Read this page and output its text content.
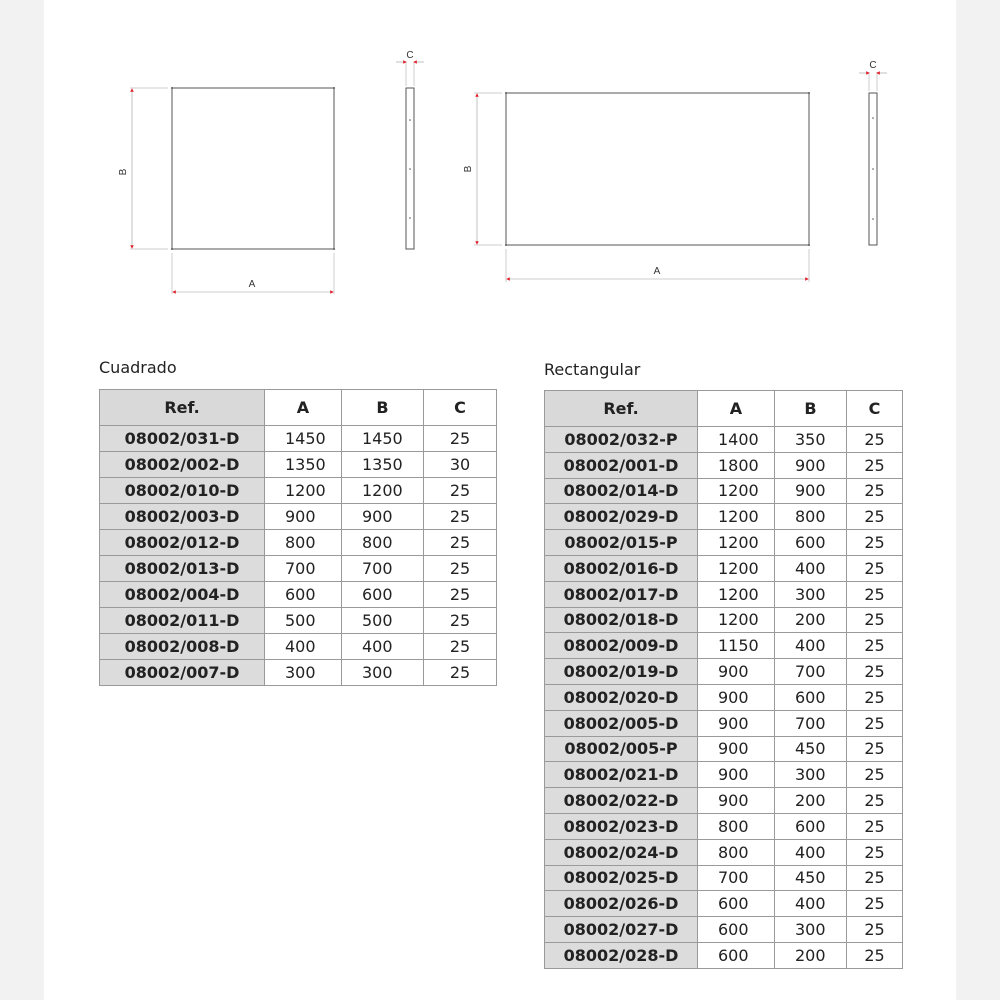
B
A
C
B
A
C
Cuadrado
Ref.	A	B	C
08002/031-D	1450	1450	25
08002/002-D	1350	1350	30
08002/010-D	1200	1200	25
08002/003-D	900	900	25
08002/012-D	800	800	25
08002/013-D	700	700	25
08002/004-D	600	600	25
08002/011-D	500	500	25
08002/008-D	400	400	25
08002/007-D	300	300	25
Rectangular
Ref.	A	B	C
08002/032-P	1400	350	25
08002/001-D	1800	900	25
08002/014-D	1200	900	25
08002/029-D	1200	800	25
08002/015-P	1200	600	25
08002/016-D	1200	400	25
08002/017-D	1200	300	25
08002/018-D	1200	200	25
08002/009-D	1150	400	25
08002/019-D	900	700	25
08002/020-D	900	600	25
08002/005-D	900	700	25
08002/005-P	900	450	25
08002/021-D	900	300	25
08002/022-D	900	200	25
08002/023-D	800	600	25
08002/024-D	800	400	25
08002/025-D	700	450	25
08002/026-D	600	400	25
08002/027-D	600	300	25
08002/028-D	600	200	25
